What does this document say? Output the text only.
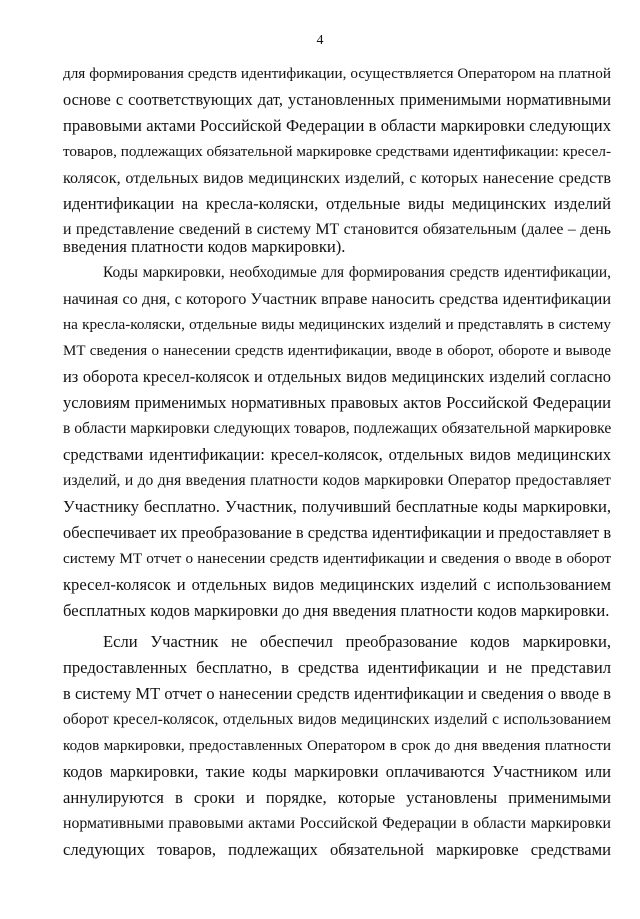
4
для формирования средств идентификации, осуществляется Оператором на платной
основе с соответствующих дат, установленных применимыми нормативными
правовыми актами Российской Федерации в области маркировки следующих
товаров, подлежащих обязательной маркировке средствами идентификации: кресел-
колясок, отдельных видов медицинских изделий, с которых нанесение средств
идентификации на кресла-коляски, отдельные виды медицинских изделий
и представление сведений в систему МТ становится обязательным (далее – день
введения платности кодов маркировки).
Коды маркировки, необходимые для формирования средств идентификации,
начиная со дня, с которого Участник вправе наносить средства идентификации
на кресла-коляски, отдельные виды медицинских изделий и представлять в систему
МТ сведения о нанесении средств идентификации, вводе в оборот, обороте и выводе
из оборота кресел-колясок и отдельных видов медицинских изделий согласно
условиям применимых нормативных правовых актов Российской Федерации
в области маркировки следующих товаров, подлежащих обязательной маркировке
средствами идентификации: кресел-колясок, отдельных видов медицинских
изделий, и до дня введения платности кодов маркировки Оператор предоставляет
Участнику бесплатно. Участник, получивший бесплатные коды маркировки,
обеспечивает их преобразование в средства идентификации и предоставляет в
систему МТ отчет о нанесении средств идентификации и сведения о вводе в оборот
кресел-колясок и отдельных видов медицинских изделий с использованием
бесплатных кодов маркировки до дня введения платности кодов маркировки.
Если Участник не обеспечил преобразование кодов маркировки,
предоставленных бесплатно, в средства идентификации и не представил
в систему МТ отчет о нанесении средств идентификации и сведения о вводе в
оборот кресел-колясок, отдельных видов медицинских изделий с использованием
кодов маркировки, предоставленных Оператором в срок до дня введения платности
кодов маркировки, такие коды маркировки оплачиваются Участником или
аннулируются в сроки и порядке, которые установлены применимыми
нормативными правовыми актами Российской Федерации в области маркировки
следующих товаров, подлежащих обязательной маркировке средствами
